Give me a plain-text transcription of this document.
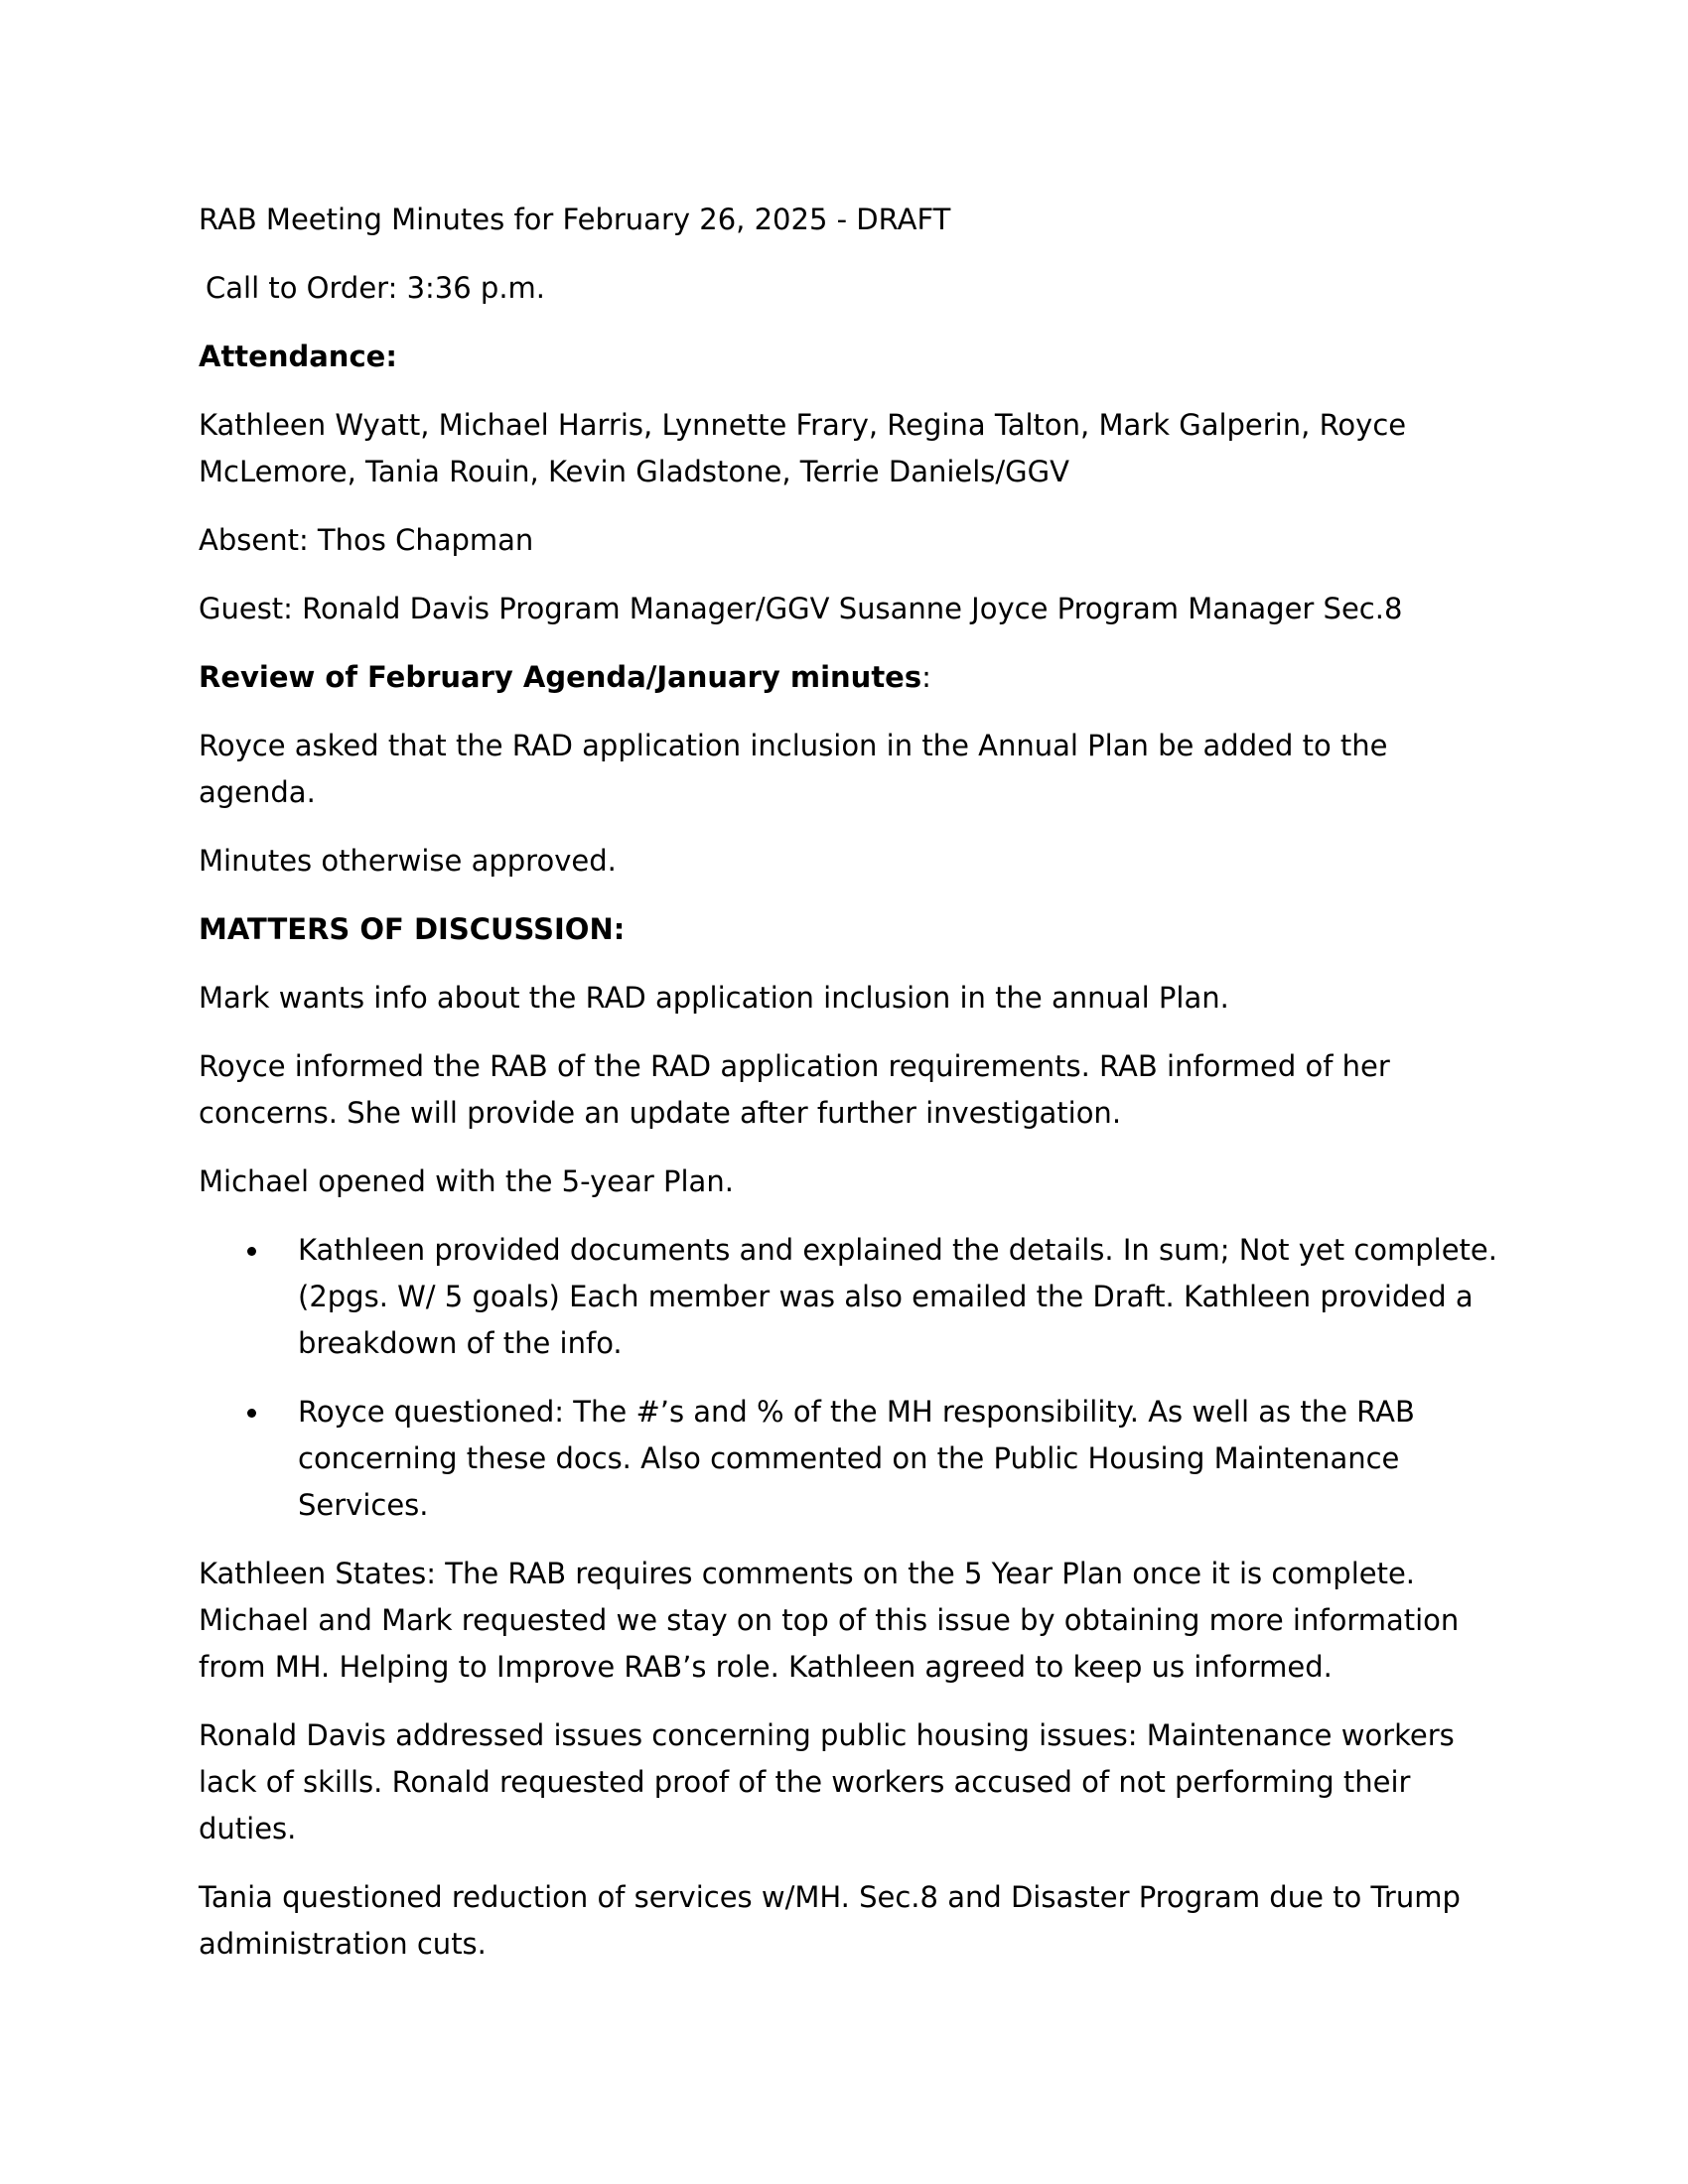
RAB Meeting Minutes for February 26, 2025 - DRAFT

Call to Order: 3:36 p.m.

Attendance:

Kathleen Wyatt, Michael Harris, Lynnette Frary, Regina Talton, Mark Galperin, Royce McLemore, Tania Rouin, Kevin Gladstone, Terrie Daniels/GGV

Absent: Thos Chapman

Guest: Ronald Davis Program Manager/GGV Susanne Joyce Program Manager Sec.8

Review of February Agenda/January minutes:

Royce asked that the RAD application inclusion in the Annual Plan be added to the agenda.

Minutes otherwise approved.

MATTERS OF DISCUSSION:

Mark wants info about the RAD application inclusion in the annual Plan.

Royce informed the RAB of the RAD application requirements. RAB informed of her concerns. She will provide an update after further investigation.

Michael opened with the 5-year Plan.

Kathleen provided documents and explained the details. In sum; Not yet complete. (2pgs. W/ 5 goals) Each member was also emailed the Draft. Kathleen provided a breakdown of the info.
Royce questioned: The #’s and % of the MH responsibility. As well as the RAB concerning these docs. Also commented on the Public Housing Maintenance Services.

Kathleen States: The RAB requires comments on the 5 Year Plan once it is complete. Michael and Mark requested we stay on top of this issue by obtaining more information from MH. Helping to Improve RAB’s role. Kathleen agreed to keep us informed.

Ronald Davis addressed issues concerning public housing issues: Maintenance workers lack of skills. Ronald requested proof of the workers accused of not performing their duties.

Tania questioned reduction of services w/MH. Sec.8 and Disaster Program due to Trump administration cuts.
